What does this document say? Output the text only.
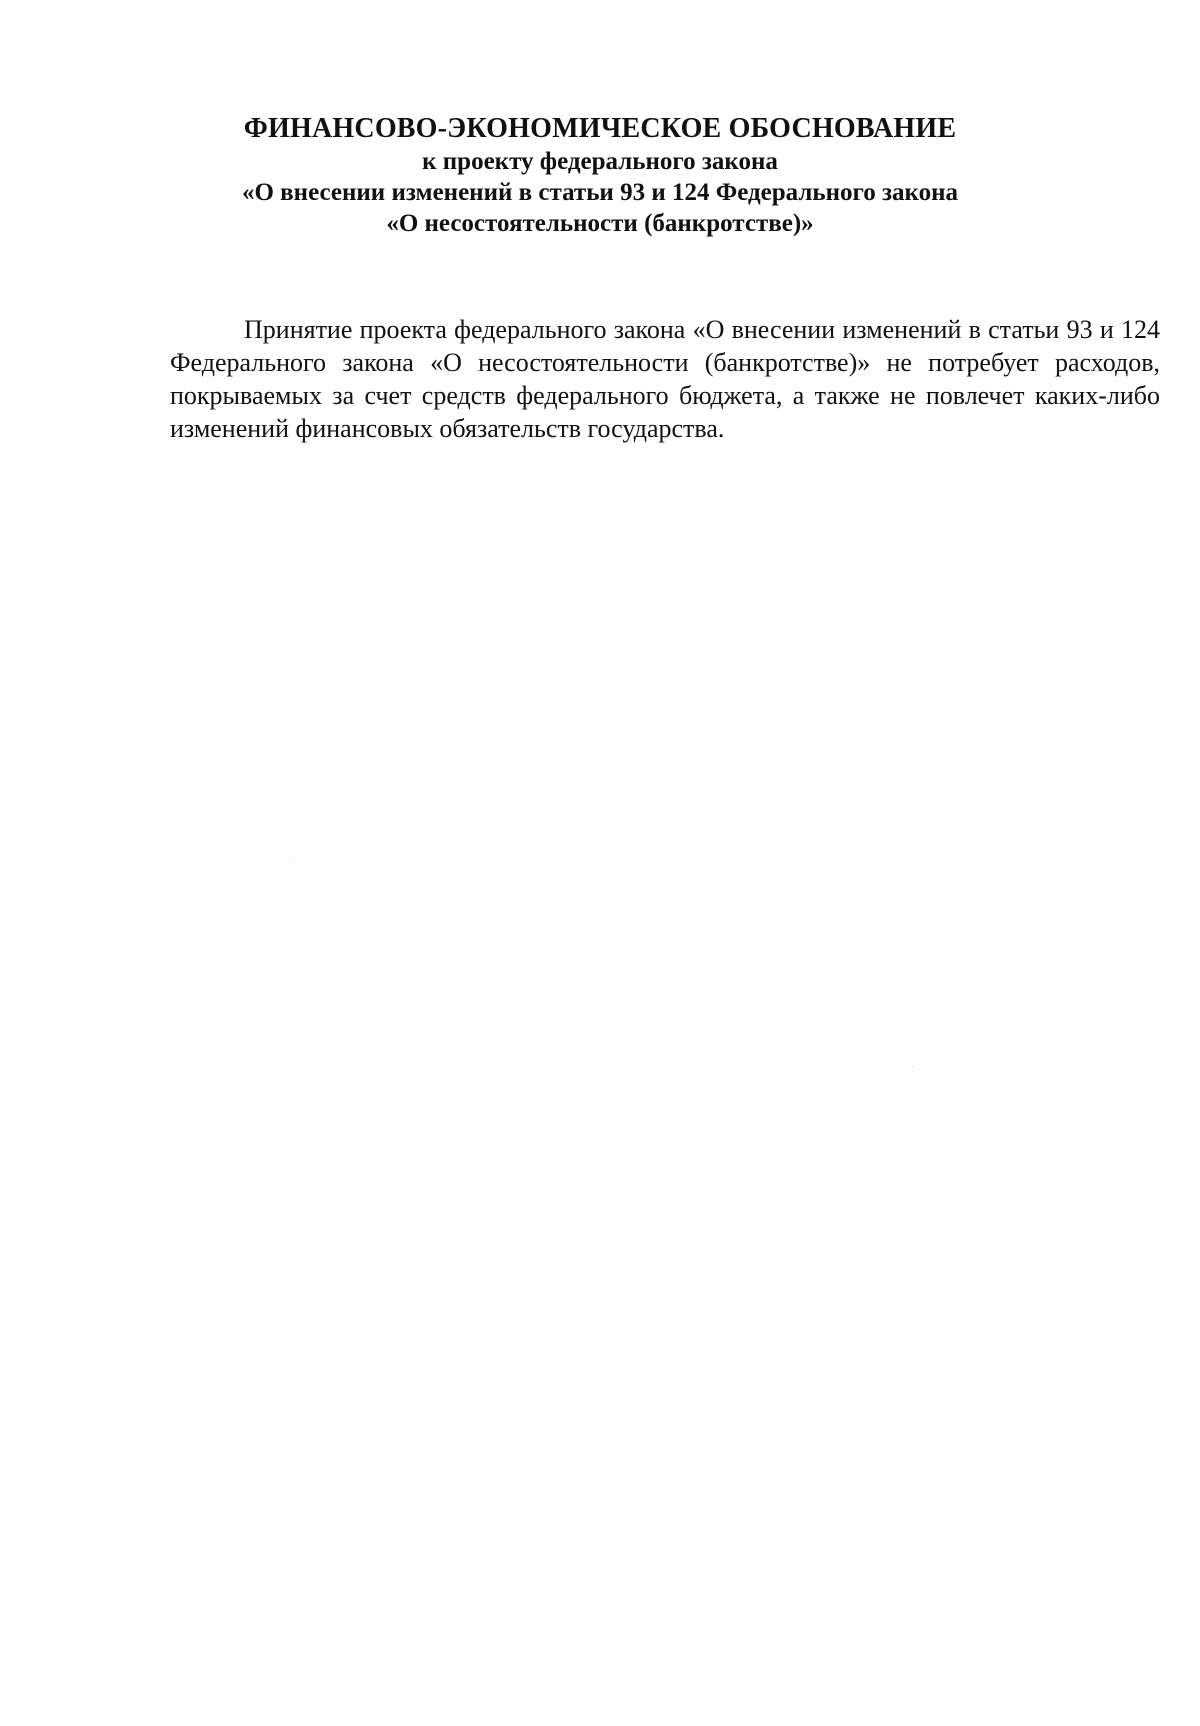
ФИНАНСОВО-ЭКОНОМИЧЕСКОЕ ОБОСНОВАНИЕ
к проекту федерального закона
«О внесении изменений в статьи 93 и 124 Федерального закона
«О несостоятельности (банкротстве)»

Принятие проекта федерального закона «О внесении изменений в статьи 93 и 124 Федерального закона «О несостоятельности (банкротстве)» не потребует расходов, покрываемых за счет средств федерального бюджета, а также не повлечет каких-либо изменений финансовых обязательств государства.
